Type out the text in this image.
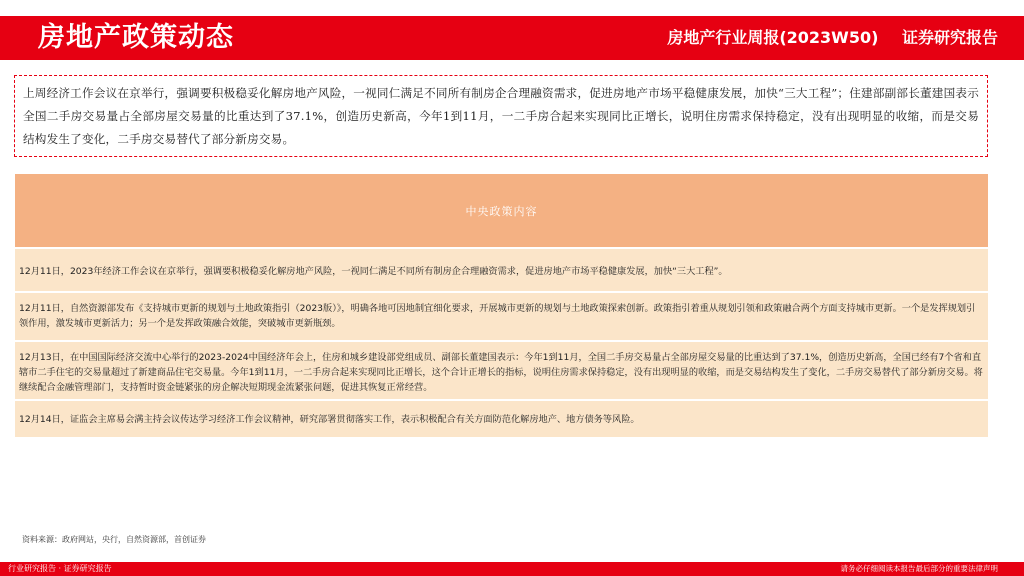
房地产政策动态	房地产行业周报(2023W50) 证券研究报告

上周经济工作会议在京举行，强调要积极稳妥化解房地产风险，一视同仁满足不同所有制房企合理融资需求，促进房地产市场平稳健康发展，加快“三大工程”；住建部副部长董建国表示全国二手房交易量占全部房屋交易量的比重达到了37.1%，创造历史新高，今年1到11月，一二手房合起来实现同比正增长，说明住房需求保持稳定，没有出现明显的收缩，而是交易结构发生了变化，二手房交易替代了部分新房交易。

中央政策内容
12月11日，2023年经济工作会议在京举行，强调要积极稳妥化解房地产风险，一视同仁满足不同所有制房企合理融资需求，促进房地产市场平稳健康发展，加快“三大工程”。
12月11日，自然资源部发布《支持城市更新的规划与土地政策指引（2023版）》，明确各地可因地制宜细化要求，开展城市更新的规划与土地政策探索创新。政策指引着重从规划引领和政策融合两个方面支持城市更新。一个是发挥规划引领作用，激发城市更新活力；另一个是发挥政策融合效能，突破城市更新瓶颈。
12月13日，在中国国际经济交流中心举行的2023-2024中国经济年会上，住房和城乡建设部党组成员、副部长董建国表示：今年1到11月，全国二手房交易量占全部房屋交易量的比重达到了37.1%，创造历史新高，全国已经有7个省和直辖市二手住宅的交易量超过了新建商品住宅交易量。今年1到11月，一二手房合起来实现同比正增长，这个合计正增长的指标，说明住房需求保持稳定，没有出现明显的收缩，而是交易结构发生了变化，二手房交易替代了部分新房交易。将继续配合金融管理部门，支持暂时资金链紧张的房企解决短期现金流紧张问题，促进其恢复正常经营。
12月14日，证监会主席易会满主持会议传达学习经济工作会议精神，研究部署贯彻落实工作，表示积极配合有关方面防范化解房地产、地方债务等风险。
资料来源：政府网站，央行，自然资源部，首创证券
行业研究报告 · 证券研究报告	请务必仔细阅读本报告最后部分的重要法律声明
